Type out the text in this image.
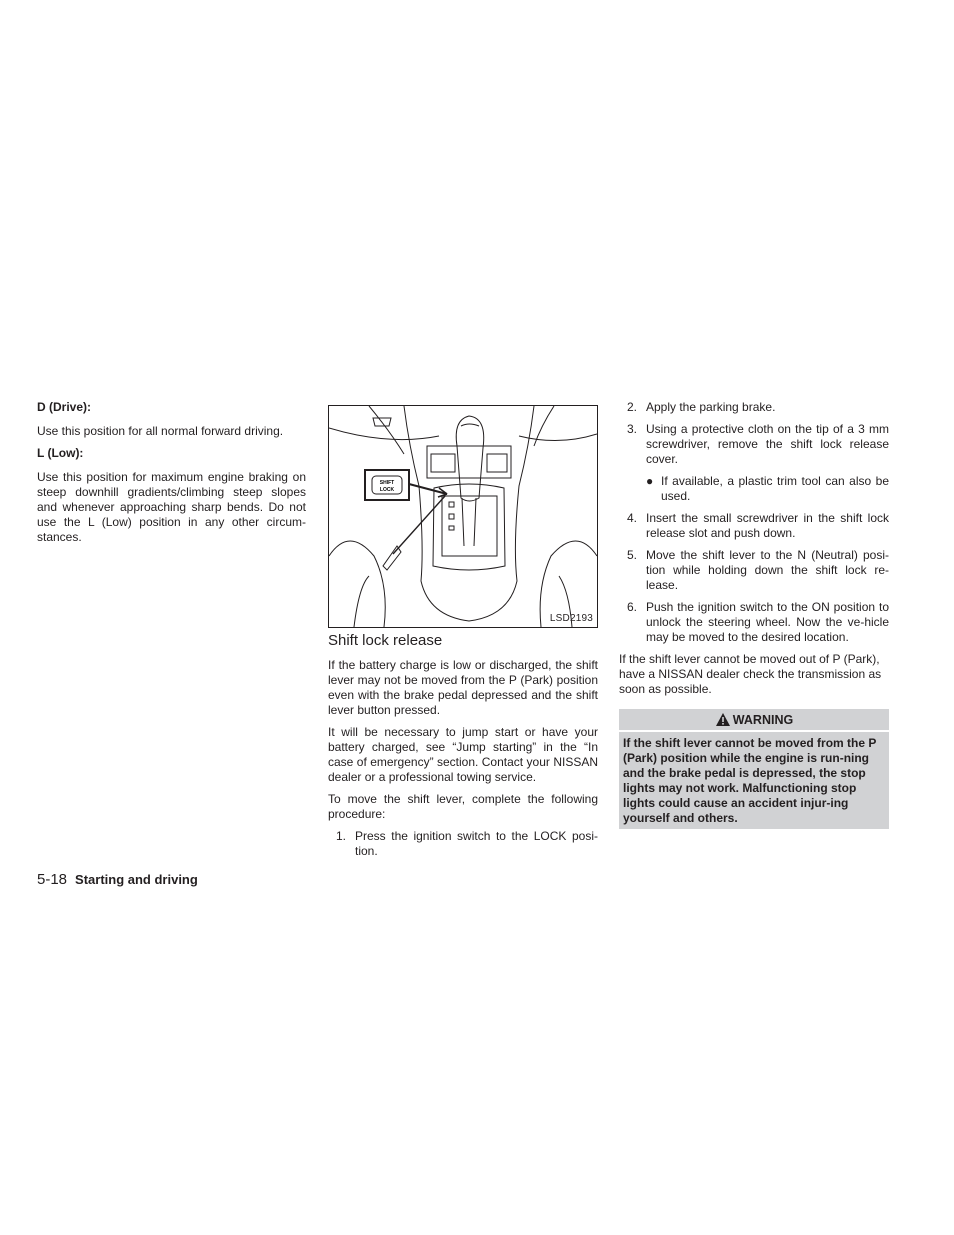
D (Drive):

Use this position for all normal forward driving.

L (Low):

Use this position for maximum engine braking on steep downhill gradients/climbing steep slopes and whenever approaching sharp bends. Do not use the L (Low) position in any other circum-stances.

SHIFT
LOCK
LSD2193
Shift lock release

If the battery charge is low or discharged, the shift lever may not be moved from the P (Park) position even with the brake pedal depressed and the shift lever button pressed.

It will be necessary to jump start or have your battery charged, see “Jump starting” in the “In case of emergency” section. Contact your NISSAN dealer or a professional towing service.

To move the shift lever, complete the following procedure:

1. Press the ignition switch to the LOCK posi-tion.
2. Apply the parking brake.
3. Using a protective cloth on the tip of a 3 mm screwdriver, remove the shift lock release cover.
● If available, a plastic trim tool can also be used.
4. Insert the small screwdriver in the shift lock release slot and push down.
5. Move the shift lever to the N (Neutral) posi-tion while holding down the shift lock re-lease.
6. Push the ignition switch to the ON position to unlock the steering wheel. Now the ve-hicle may be moved to the desired location.

If the shift lever cannot be moved out of P (Park), have a NISSAN dealer check the transmission as soon as possible.

WARNING
If the shift lever cannot be moved from the P (Park) position while the engine is run-ning and the brake pedal is depressed, the stop lights may not work. Malfunctioning stop lights could cause an accident injur-ing yourself and others.
5-18 Starting and driving
